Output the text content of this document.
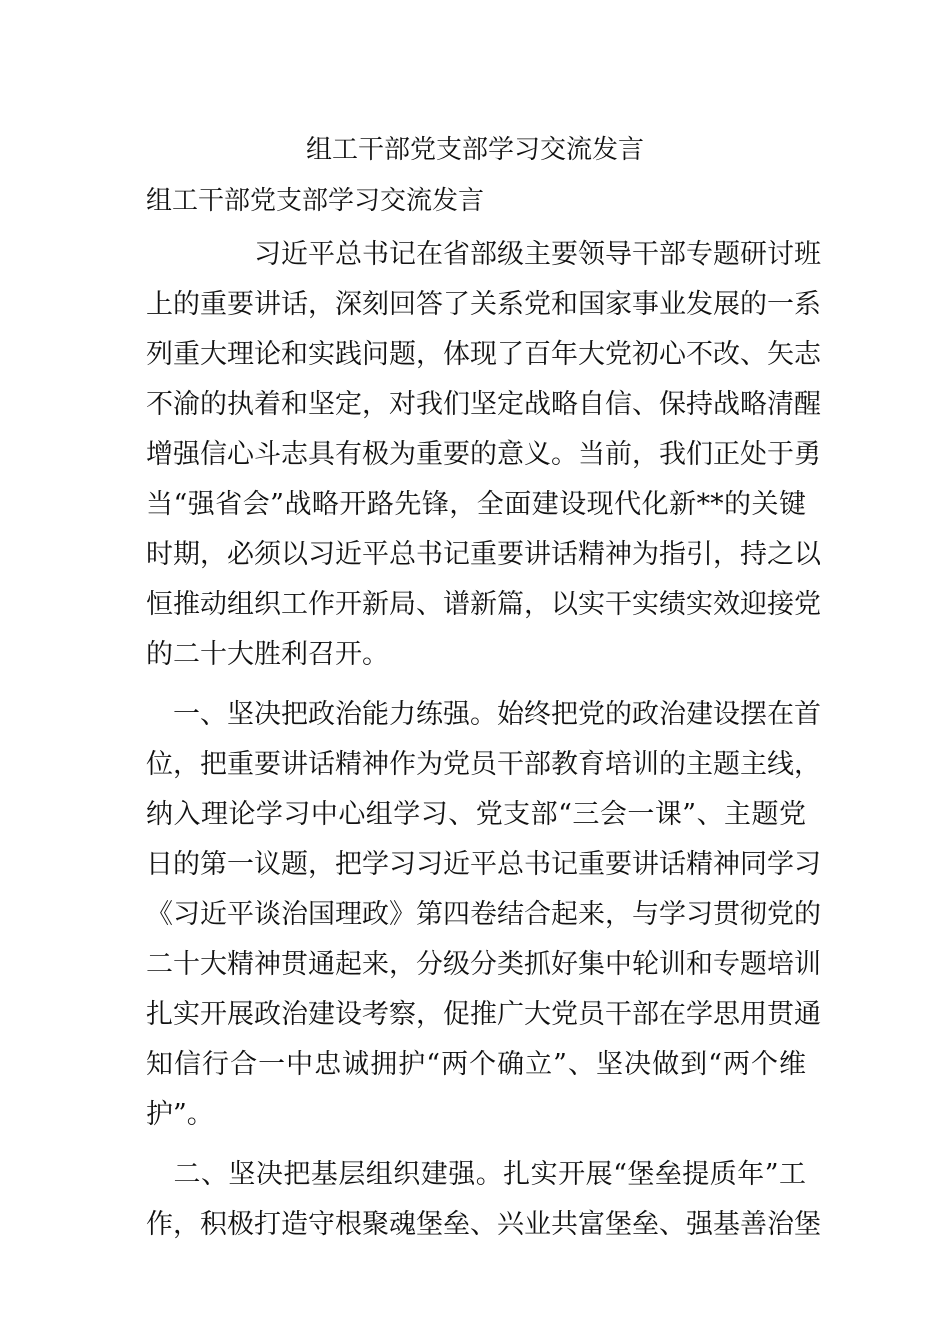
组工干部党支部学习交流发言
组工干部党支部学习交流发言
　　　　习近平总书记在省部级主要领导干部专题研讨班
上的重要讲话，深刻回答了关系党和国家事业发展的一系
列重大理论和实践问题，体现了百年大党初心不改、矢志
不渝的执着和坚定，对我们坚定战略自信、保持战略清醒
增强信心斗志具有极为重要的意义。当前，我们正处于勇
当“强省会”战略开路先锋，全面建设现代化新**的关键
时期，必须以习近平总书记重要讲话精神为指引，持之以
恒推动组织工作开新局、谱新篇，以实干实绩实效迎接党
的二十大胜利召开。
　一、坚决把政治能力练强。始终把党的政治建设摆在首
位，把重要讲话精神作为党员干部教育培训的主题主线，
纳入理论学习中心组学习、党支部“三会一课”、主题党
日的第一议题，把学习习近平总书记重要讲话精神同学习
《习近平谈治国理政》第四卷结合起来，与学习贯彻党的
二十大精神贯通起来，分级分类抓好集中轮训和专题培训
扎实开展政治建设考察，促推广大党员干部在学思用贯通
知信行合一中忠诚拥护“两个确立”、坚决做到“两个维
护”。
　二、坚决把基层组织建强。扎实开展“堡垒提质年”工
作，积极打造守根聚魂堡垒、兴业共富堡垒、强基善治堡
